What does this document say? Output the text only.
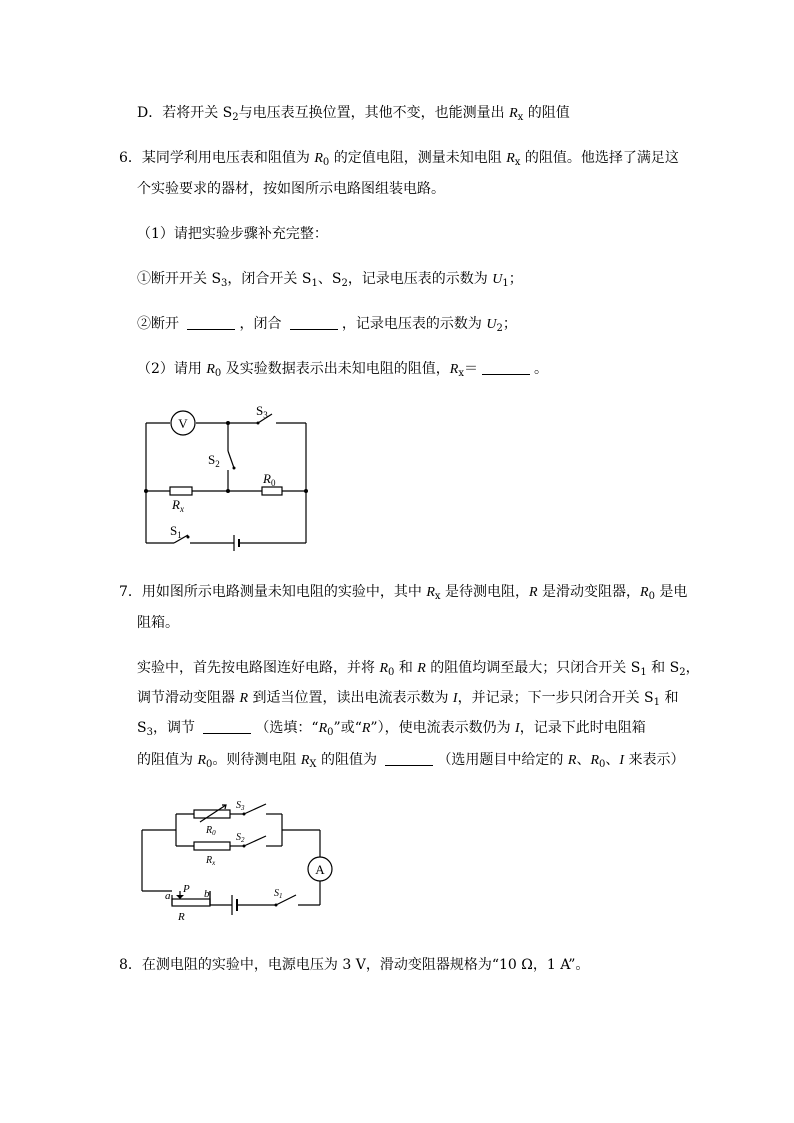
D．若将开关 $S_2$与电压表互换位置，其他不变，也能测量出 $R_x$ 的阻值
6．某同学利用电压表和阻值为 $R_0$ 的定值电阻，测量未知电阻 $R_x$ 的阻值。他选择了满足这
个实验要求的器材，按如图所示电路图组装电路。
（1）请把实验步骤补充完整：
①断开开关 $S_3$，闭合开关 $S_1$、$S_2$，记录电压表的示数为 $U_1$；
②断开	，闭合	，记录电压表的示数为 $U_2$；
（2）请用 $R_0$ 及实验数据表示出未知电阻的阻值，$R_x=$	。
V
$S_3$
$S_2$
$R_0$
$R_x$
$S_1$
7．用如图所示电路测量未知电阻的实验中，其中 $R_x$ 是待测电阻，R 是滑动变阻器，$R_0$ 是电
阻箱。
实验中，首先按电路图连好电路，并将 $R_0$ 和 R 的阻值均调至最大；只闭合开关 $S_1$ 和 $S_2$，
调节滑动变阻器 R 到适当位置，读出电流表示数为 I，并记录；下一步只闭合开关 $S_1$ 和
$S_3$，调节	（选填：“$R_0$”或“R”），使电流表示数仍为 I，记录下此时电阻箱
的阻值为 $R_0$。则待测电阻 $R_X$ 的阻值为	（选用题目中给定的 R、$R_0$、I 来表示）
A
$S_3$
$R_0$ $S_2$
$R_x$
P
a	b
R
$S_1$
8．在测电阻的实验中，电源电压为 3 V，滑动变阻器规格为“10 Ω，1 A”。
